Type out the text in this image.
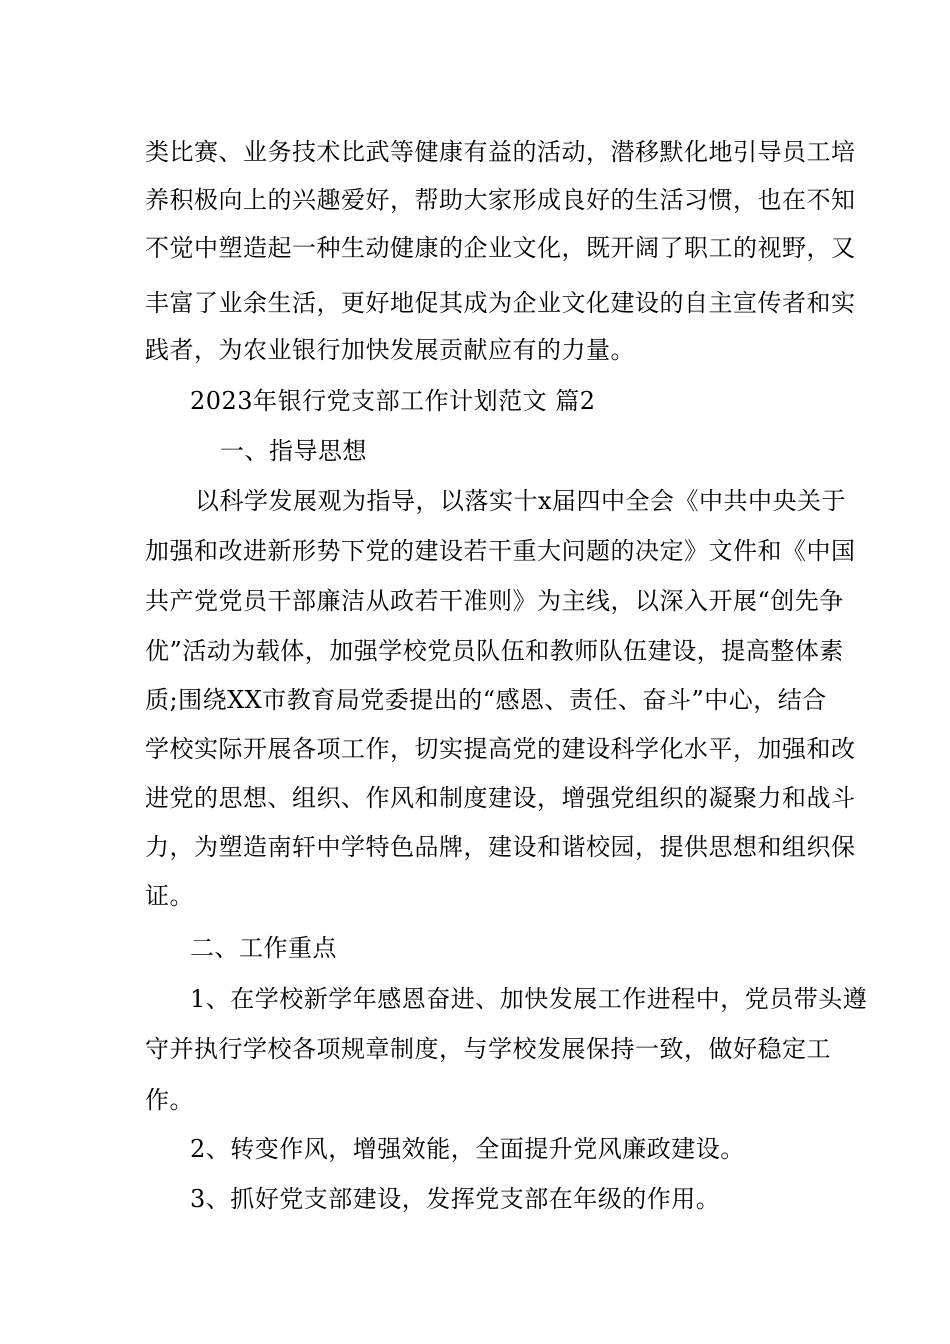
类比赛、业务技术比武等健康有益的活动，潜移默化地引导员工培
养积极向上的兴趣爱好，帮助大家形成良好的生活习惯，也在不知
不觉中塑造起一种生动健康的企业文化，既开阔了职工的视野，又
丰富了业余生活，更好地促其成为企业文化建设的自主宣传者和实
践者，为农业银行加快发展贡献应有的力量。
2023年银行党支部工作计划范文 篇2
一、指导思想
以科学发展观为指导，以落实十x届四中全会《中共中央关于
加强和改进新形势下党的建设若干重大问题的决定》文件和《中国
共产党党员干部廉洁从政若干准则》为主线，以深入开展“创先争
优”活动为载体，加强学校党员队伍和教师队伍建设，提高整体素
质;围绕XX市教育局党委提出的“感恩、责任、奋斗”中心，结合
学校实际开展各项工作，切实提高党的建设科学化水平，加强和改
进党的思想、组织、作风和制度建设，增强党组织的凝聚力和战斗
力，为塑造南轩中学特色品牌，建设和谐校园，提供思想和组织保
证。
二、工作重点
1、在学校新学年感恩奋进、加快发展工作进程中，党员带头遵
守并执行学校各项规章制度，与学校发展保持一致，做好稳定工
作。
2、转变作风，增强效能，全面提升党风廉政建设。
3、抓好党支部建设，发挥党支部在年级的作用。
